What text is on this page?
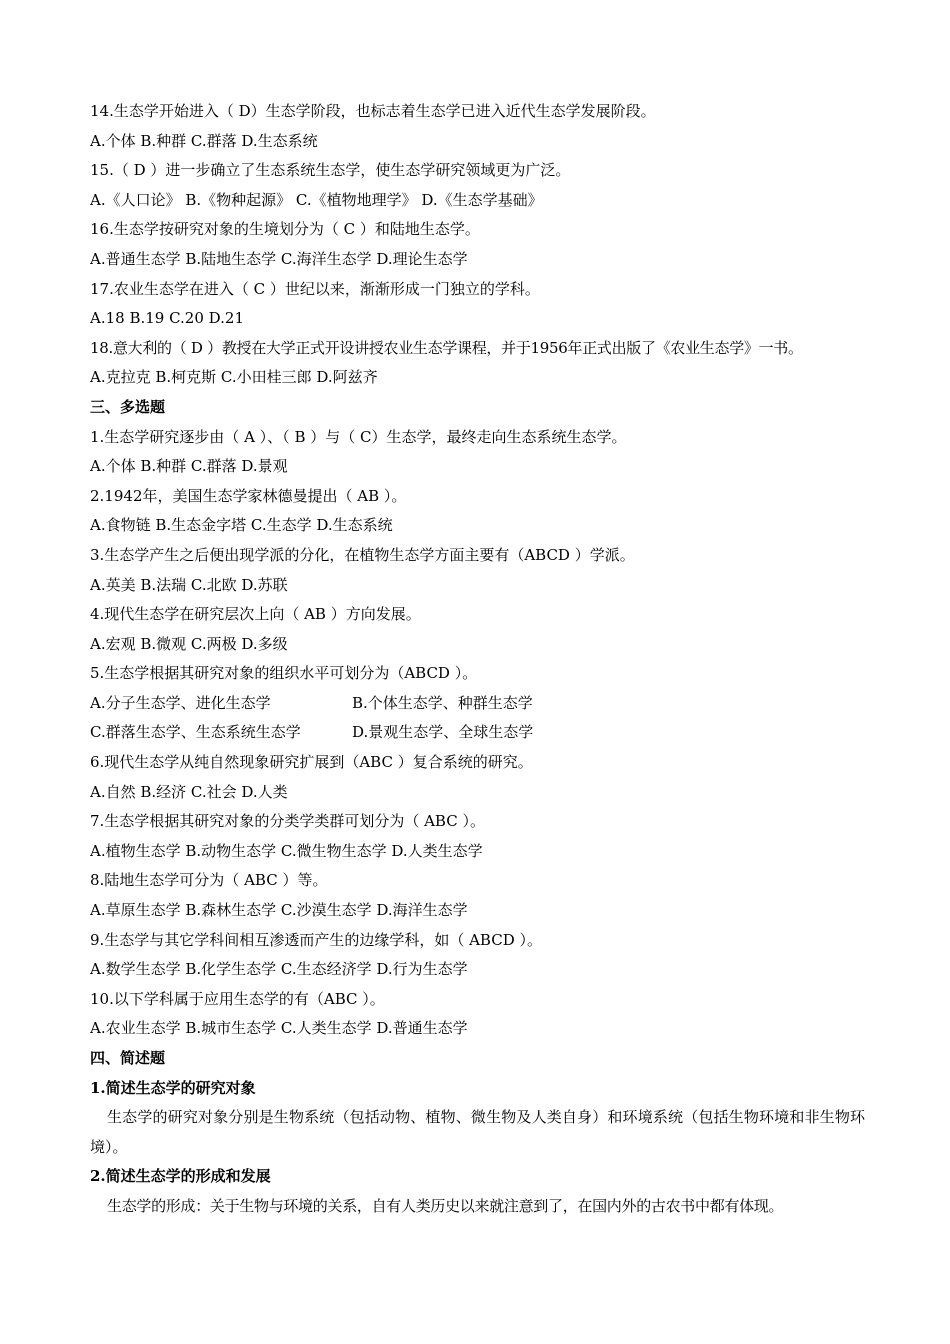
14.生态学开始进入（ D）生态学阶段，也标志着生态学已进入近代生态学发展阶段。
A.个体 B.种群 C.群落 D.生态系统
15.（ D ）进一步确立了生态系统生态学，使生态学研究领域更为广泛。
A.《人口论》 B.《物种起源》 C.《植物地理学》 D.《生态学基础》
16.生态学按研究对象的生境划分为（ C ）和陆地生态学。
A.普通生态学 B.陆地生态学 C.海洋生态学 D.理论生态学
17.农业生态学在进入（ C ）世纪以来，渐渐形成一门独立的学科。
A.18 B.19 C.20 D.21
18.意大利的（ D ）教授在大学正式开设讲授农业生态学课程，并于1956年正式出版了《农业生态学》一书。
A.克拉克 B.柯克斯 C.小田桂三郎 D.阿兹齐
三、多选题
1.生态学研究逐步由（ A ）、（ B ）与（ C）生态学，最终走向生态系统生态学。
A.个体 B.种群 C.群落 D.景观
2.1942年，美国生态学家林德曼提出（ AB ）。
A.食物链 B.生态金字塔 C.生态学 D.生态系统
3.生态学产生之后便出现学派的分化，在植物生态学方面主要有（ABCD ）学派。
A.英美 B.法瑞 C.北欧 D.苏联
4.现代生态学在研究层次上向（ AB ）方向发展。
A.宏观 B.微观 C.两极 D.多级
5.生态学根据其研究对象的组织水平可划分为（ABCD ）。
A.分子生态学、进化生态学	B.个体生态学、种群生态学
C.群落生态学、生态系统生态学	D.景观生态学、全球生态学
6.现代生态学从纯自然现象研究扩展到（ABC ）复合系统的研究。
A.自然 B.经济 C.社会 D.人类
7.生态学根据其研究对象的分类学类群可划分为（ ABC ）。
A.植物生态学 B.动物生态学 C.微生物生态学 D.人类生态学
8.陆地生态学可分为（ ABC ）等。
A.草原生态学 B.森林生态学 C.沙漠生态学 D.海洋生态学
9.生态学与其它学科间相互渗透而产生的边缘学科，如（ ABCD ）。
A.数学生态学 B.化学生态学 C.生态经济学 D.行为生态学
10.以下学科属于应用生态学的有（ABC ）。
A.农业生态学 B.城市生态学 C.人类生态学 D.普通生态学
四、简述题
1.简述生态学的研究对象
生态学的研究对象分别是生物系统（包括动物、植物、微生物及人类自身）和环境系统（包括生物环境和非生物环境）。
2.简述生态学的形成和发展
生态学的形成：关于生物与环境的关系，自有人类历史以来就注意到了，在国内外的古农书中都有体现。
